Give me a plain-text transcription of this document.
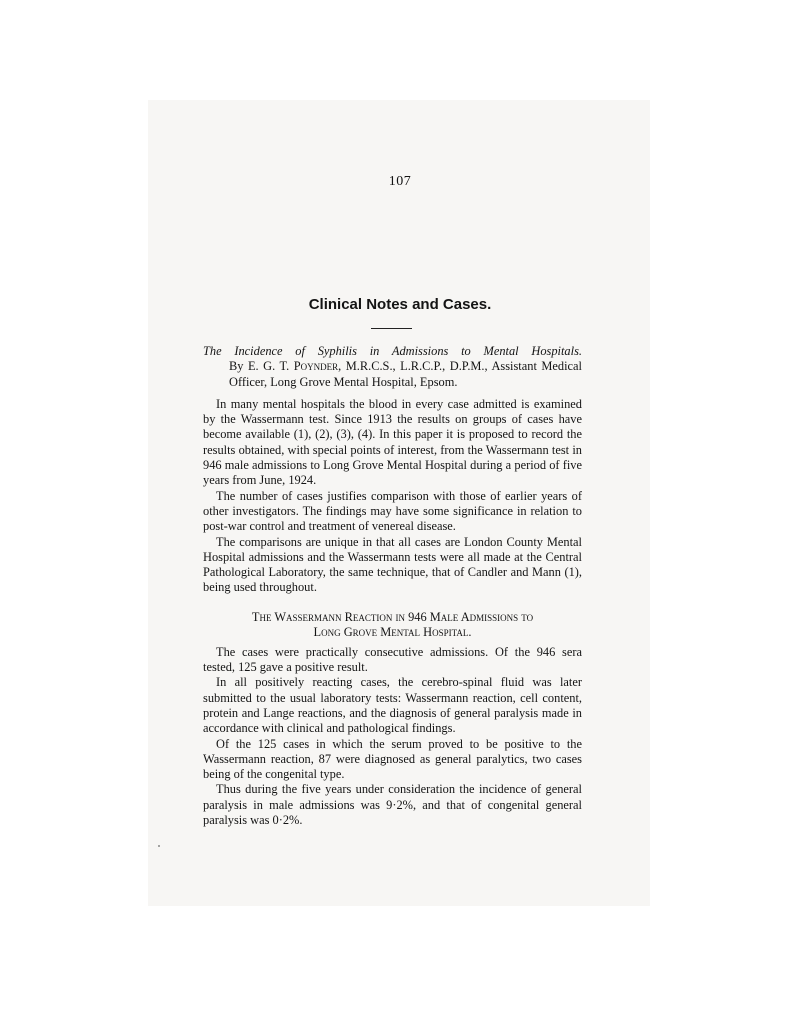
107
Clinical Notes and Cases.

The Incidence of Syphilis in Admissions to Mental Hospitals.

By E. G. T. Poynder, M.R.C.S., L.R.C.P., D.P.M., Assistant Medical Officer, Long Grove Mental Hospital, Epsom.

In many mental hospitals the blood in every case admitted is examined by the Wassermann test. Since 1913 the results on groups of cases have become available (1), (2), (3), (4). In this paper it is proposed to record the results obtained, with special points of interest, from the Wassermann test in 946 male admissions to Long Grove Mental Hospital during a period of five years from June, 1924.

The number of cases justifies comparison with those of earlier years of other investigators. The findings may have some significance in relation to post-war control and treatment of venereal disease.

The comparisons are unique in that all cases are London County Mental Hospital admissions and the Wassermann tests were all made at the Central Pathological Laboratory, the same technique, that of Candler and Mann (1), being used throughout.

The Wassermann Reaction in 946 Male Admissions to
Long Grove Mental Hospital.

The cases were practically consecutive admissions. Of the 946 sera tested, 125 gave a positive result.

In all positively reacting cases, the cerebro-spinal fluid was later submitted to the usual laboratory tests: Wassermann reaction, cell content, protein and Lange reactions, and the diagnosis of general paralysis made in accordance with clinical and pathological findings.

Of the 125 cases in which the serum proved to be positive to the Wassermann reaction, 87 were diagnosed as general paralytics, two cases being of the congenital type.

Thus during the five years under consideration the incidence of general paralysis in male admissions was 9·2%, and that of congenital general paralysis was 0·2%.
